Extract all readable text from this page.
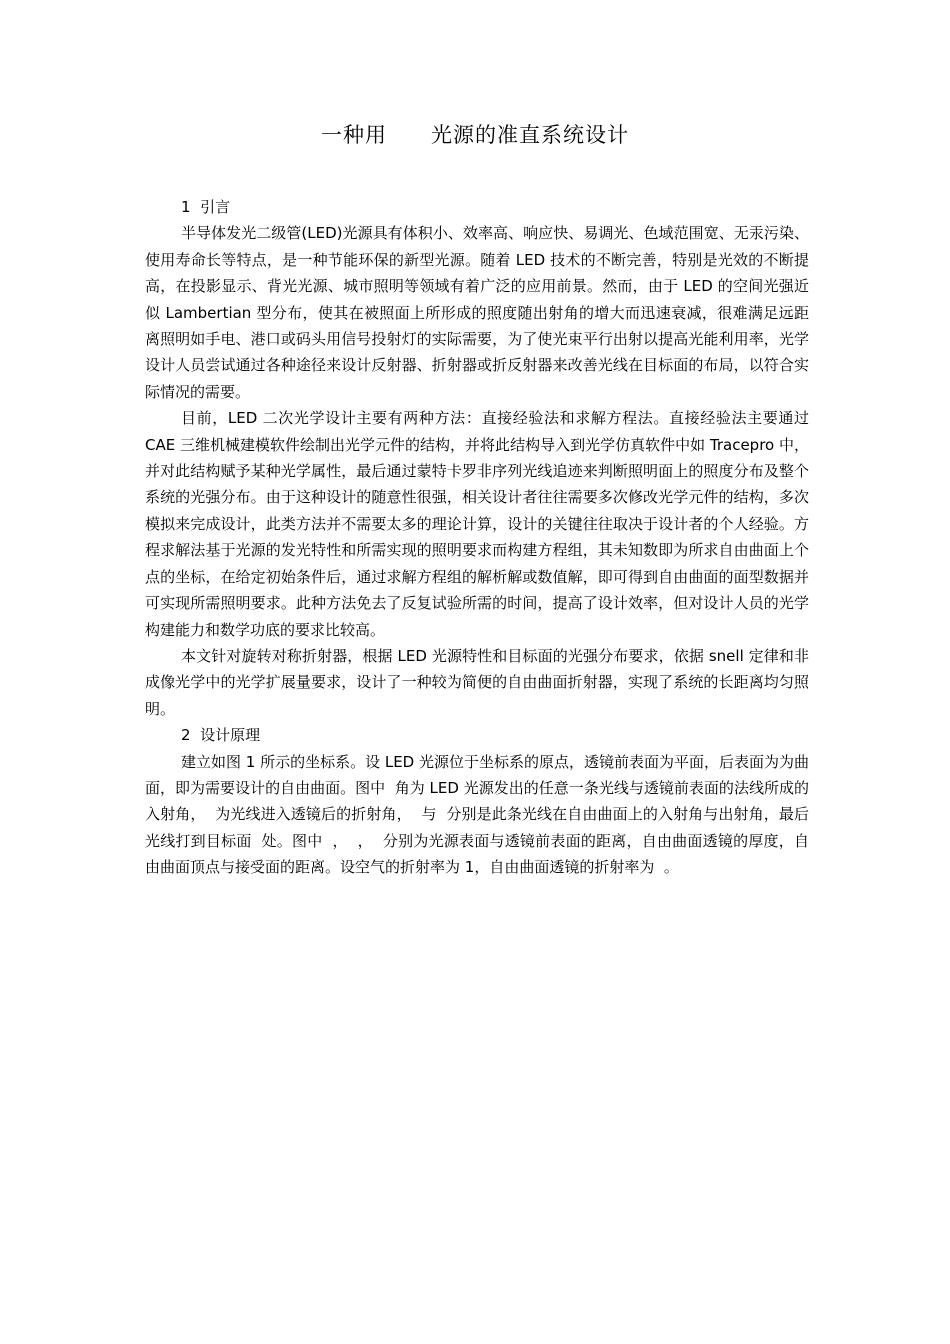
一种用　　光源的准直系统设计
1  引言

半导体发光二级管(LED)光源具有体积小、效率高、响应快、易调光、色域范围宽、无汞污染、使用寿命长等特点，是一种节能环保的新型光源。随着 LED 技术的不断完善，特别是光效的不断提高，在投影显示、背光光源、城市照明等领域有着广泛的应用前景。然而，由于 LED 的空间光强近似 Lambertian 型分布，使其在被照面上所形成的照度随出射角的增大而迅速衰减，很难满足远距离照明如手电、港口或码头用信号投射灯的实际需要，为了使光束平行出射以提高光能利用率，光学设计人员尝试通过各种途径来设计反射器、折射器或折反射器来改善光线在目标面的布局，以符合实际情况的需要。

目前，LED 二次光学设计主要有两种方法：直接经验法和求解方程法。直接经验法主要通过 CAE 三维机械建模软件绘制出光学元件的结构，并将此结构导入到光学仿真软件中如 Tracepro 中，并对此结构赋予某种光学属性，最后通过蒙特卡罗非序列光线追迹来判断照明面上的照度分布及整个系统的光强分布。由于这种设计的随意性很强，相关设计者往往需要多次修改光学元件的结构，多次模拟来完成设计，此类方法并不需要太多的理论计算，设计的关键往往取决于设计者的个人经验。方程求解法基于光源的发光特性和所需实现的照明要求而构建方程组，其未知数即为所求自由曲面上个点的坐标，在给定初始条件后，通过求解方程组的解析解或数值解，即可得到自由曲面的面型数据并可实现所需照明要求。此种方法免去了反复试验所需的时间，提高了设计效率，但对设计人员的光学构建能力和数学功底的要求比较高。

本文针对旋转对称折射器，根据 LED 光源特性和目标面的光强分布要求，依据 snell 定律和非成像光学中的光学扩展量要求，设计了一种较为简便的自由曲面折射器，实现了系统的长距离均匀照明。

2  设计原理

建立如图 1 所示的坐标系。设 LED 光源位于坐标系的原点，透镜前表面为平面，后表面为为曲面，即为需要设计的自由曲面。图中  角为 LED 光源发出的任意一条光线与透镜前表面的法线所成的入射角，  为光线进入透镜后的折射角，  与  分别是此条光线在自由曲面上的入射角与出射角，最后光线打到目标面  处。图中  ，  ，  分别为光源表面与透镜前表面的距离，自由曲面透镜的厚度，自由曲面顶点与接受面的距离。设空气的折射率为 1，自由曲面透镜的折射率为  。
